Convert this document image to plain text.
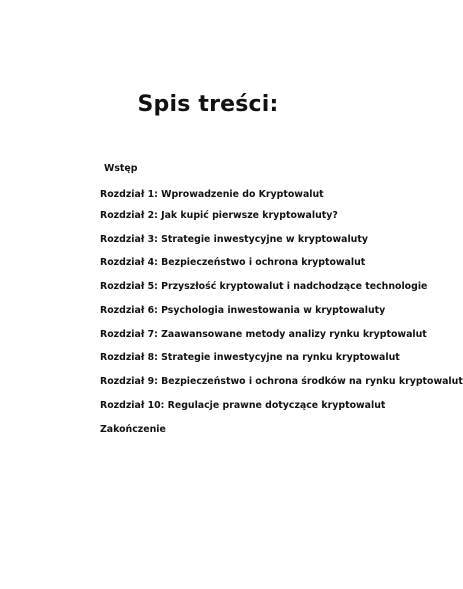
Spis treści:
Wstęp
Rozdział 1: Wprowadzenie do Kryptowalut
Rozdział 2: Jak kupić pierwsze kryptowaluty?
Rozdział 3: Strategie inwestycyjne w kryptowaluty
Rozdział 4: Bezpieczeństwo i ochrona kryptowalut
Rozdział 5: Przyszłość kryptowalut i nadchodzące technologie
Rozdział 6: Psychologia inwestowania w kryptowaluty
Rozdział 7: Zaawansowane metody analizy rynku kryptowalut
Rozdział 8: Strategie inwestycyjne na rynku kryptowalut
Rozdział 9: Bezpieczeństwo i ochrona środków na rynku kryptowalut
Rozdział 10: Regulacje prawne dotyczące kryptowalut
Zakończenie
